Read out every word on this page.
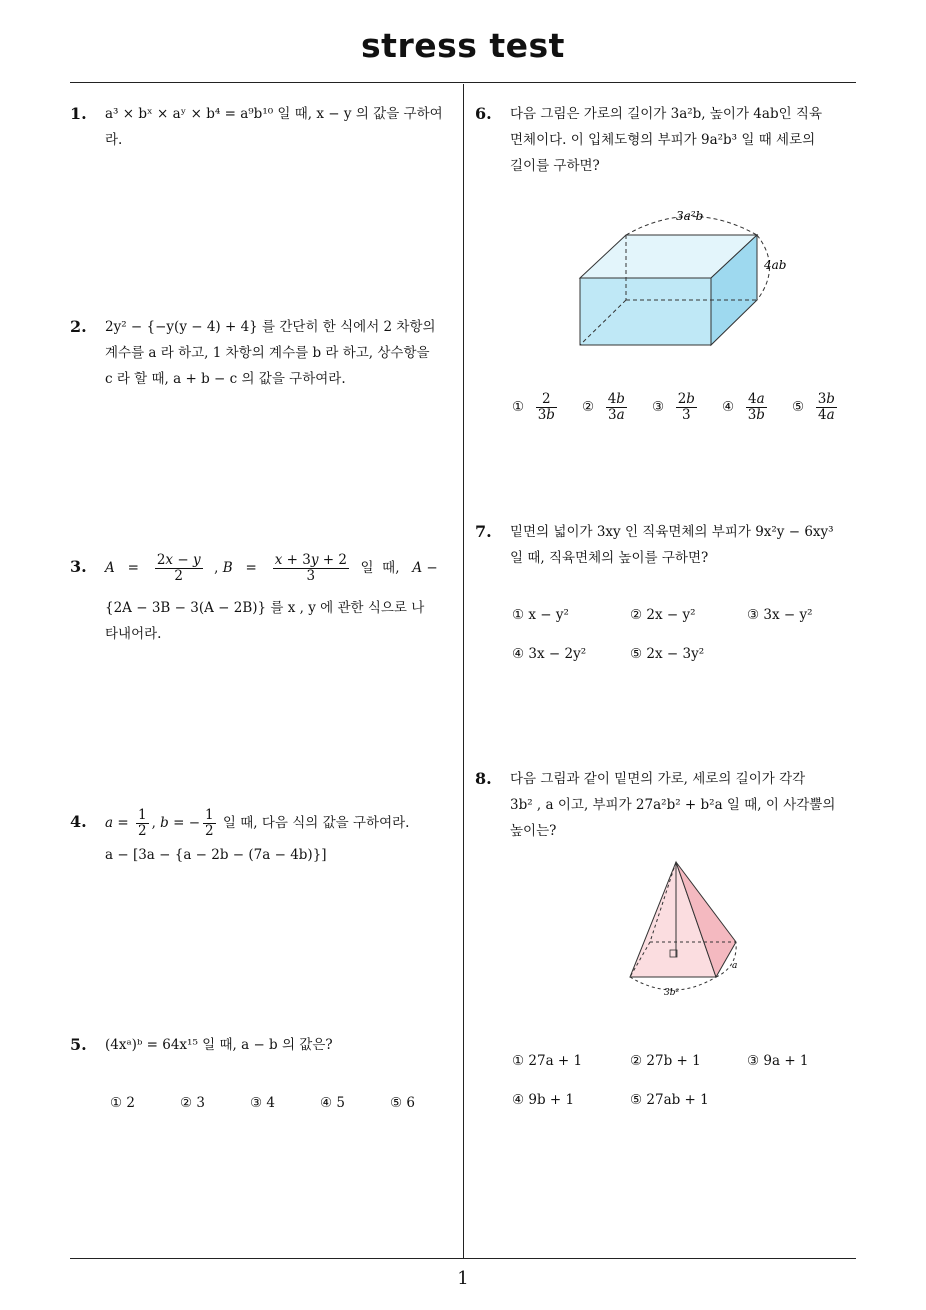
stress test
1
1. a³ × bˣ × aʸ × b⁴ = a⁹b¹⁰ 일 때, x − y 의 값을 구하여라.
2. 2y² − {−y(y − 4) + 4} 를 간단히 한 식에서 2 차항의
계수를 a 라 하고, 1 차항의 계수를 b 라 하고, 상수항을
c 라 할 때, a + b − c 의 값을 구하여라.
3. $A = \frac{2x - y}{2}$ , $B = \frac{x + 3y + 2}{3}$ 일  때,   A −
{2A − 3B − 3(A − 2B)} 를 x , y 에 관한 식으로 나
타내어라.
4. $a = \frac{1}{2}$ , b = − $\frac{1}{2}$ 일 때, 다음 식의 값을 구하여라.
a − [3a − {a − 2b − (7a − 4b)}]
5. (4xᵃ)ᵇ = 64x¹⁵ 일 때, a − b 의 값은?
① 2	② 3	③ 4	④ 5	⑤ 6
6. 다음 그림은 가로의 길이가 3a²b, 높이가 4ab인 직육
면체이다. 이 입체도형의 부피가 9a²b³ 일 때 세로의
길이를 구하면?
3a²b
4ab
① $\frac{2}{3b}$ ② $\frac{4b}{3a}$ ③ $\frac{2b}{3}$ ④ $\frac{4a}{3b}$ ⑤ $\frac{3b}{4a}$
7. 밑면의 넓이가 3xy 인 직육면체의 부피가 9x²y − 6xy³
일 때, 직육면체의 높이를 구하면?
① x − y²	② 2x − y²	③ 3x − y²
④ 3x − 2y²	⑤ 2x − 3y²
8. 다음 그림과 같이 밑면의 가로, 세로의 길이가 각각
3b² , a 이고, 부피가 27a²b² + b²a 일 때, 이 사각뿔의
높이는?
3b²
a
① 27a + 1	② 27b + 1	③ 9a + 1
④ 9b + 1	⑤ 27ab + 1
